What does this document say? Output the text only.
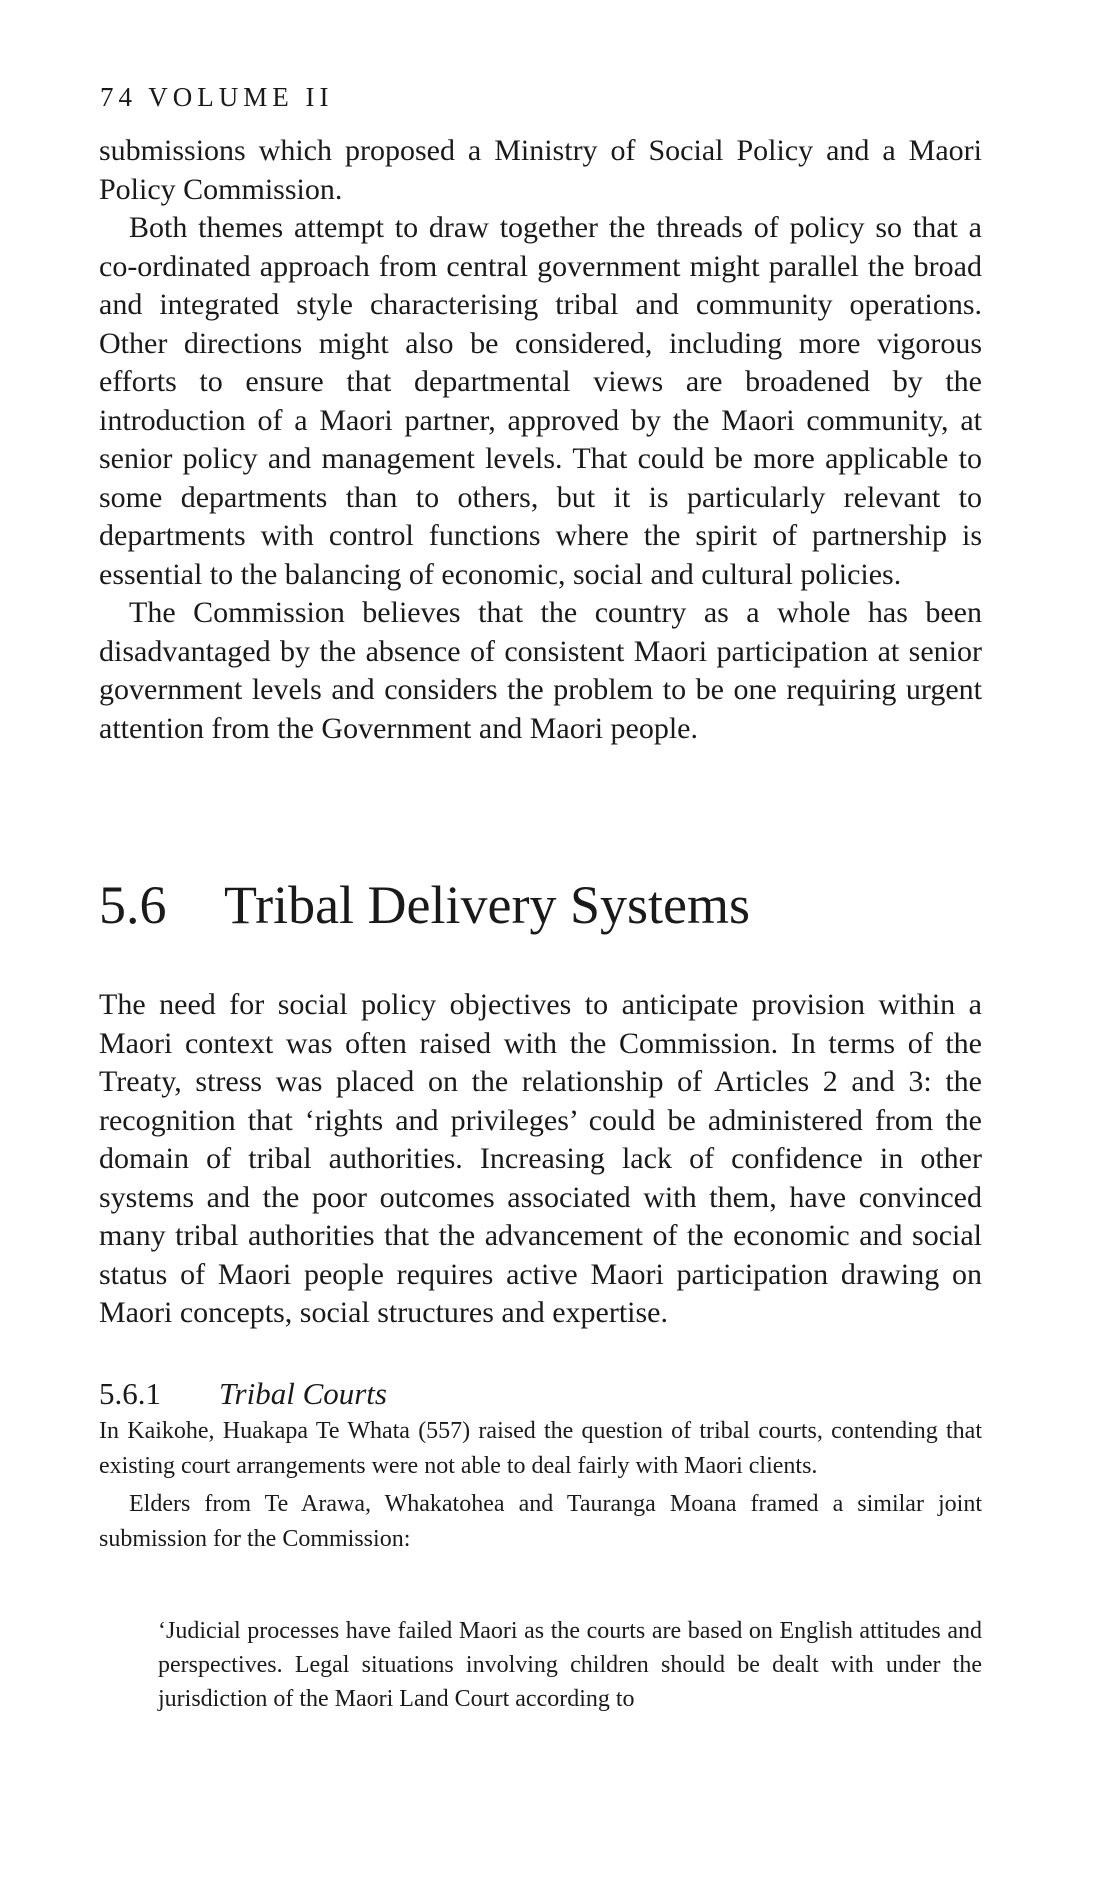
74 VOLUME II

submissions which proposed a Ministry of Social Policy and a Maori Policy Commission.

Both themes attempt to draw together the threads of policy so that a co-ordinated approach from central government might parallel the broad and integrated style characterising tribal and community operations. Other directions might also be considered, including more vigorous efforts to ensure that departmental views are broadened by the introduction of a Maori partner, approved by the Maori community, at senior policy and management levels. That could be more applicable to some departments than to others, but it is particularly relevant to departments with control functions where the spirit of partnership is essential to the balancing of economic, social and cultural policies.

The Commission believes that the country as a whole has been disadvantaged by the absence of consistent Maori participation at senior government levels and considers the problem to be one requiring urgent attention from the Government and Maori people.

5.6 Tribal Delivery Systems

The need for social policy objectives to anticipate provision within a Maori context was often raised with the Commission. In terms of the Treaty, stress was placed on the relationship of Articles 2 and 3: the recognition that ‘rights and privileges’ could be administered from the domain of tribal authorities. Increasing lack of confidence in other systems and the poor outcomes associated with them, have convinced many tribal authorities that the advancement of the economic and social status of Maori people requires active Maori participation drawing on Maori concepts, social structures and expertise.

5.6.1 Tribal Courts

In Kaikohe, Huakapa Te Whata (557) raised the question of tribal courts, contending that existing court arrangements were not able to deal fairly with Maori clients.

Elders from Te Arawa, Whakatohea and Tauranga Moana framed a similar joint submission for the Commission:

‘Judicial processes have failed Maori as the courts are based on English attitudes and perspectives. Legal situations involving children should be dealt with under the jurisdiction of the Maori Land Court according to
